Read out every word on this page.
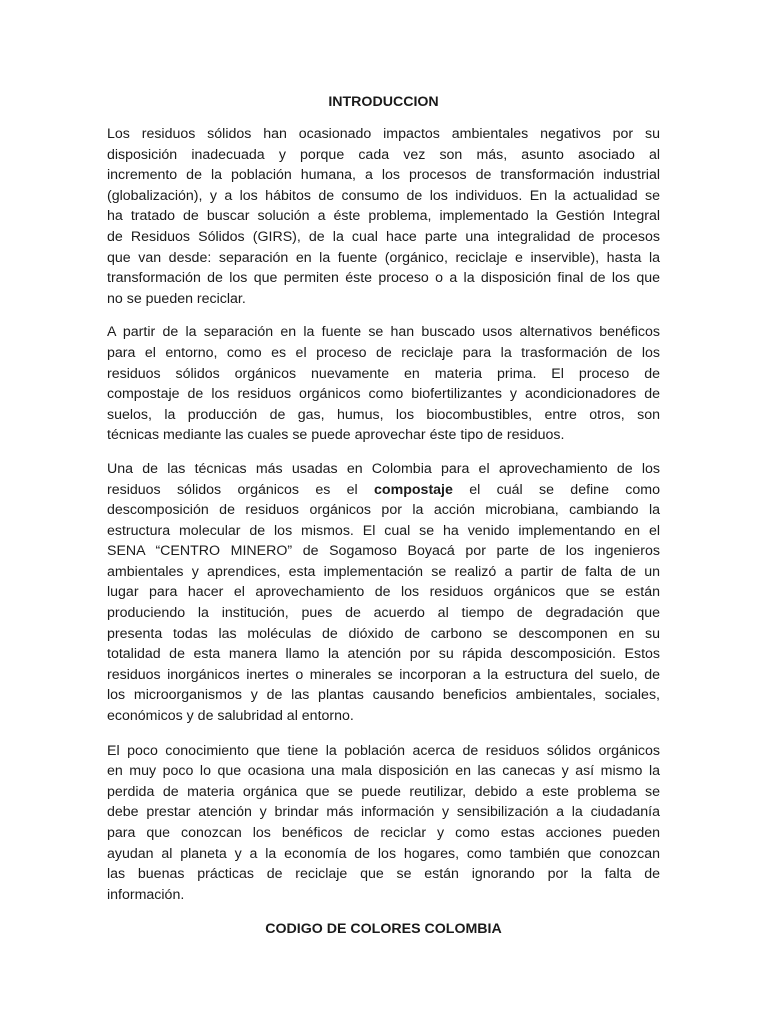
INTRODUCCION
Los residuos sólidos han ocasionado impactos ambientales negativos por su
disposición inadecuada y porque cada vez son más, asunto asociado al
incremento de la población humana, a los procesos de transformación industrial
(globalización), y a los hábitos de consumo de los individuos. En la actualidad se
ha tratado de buscar solución a éste problema, implementado la Gestión Integral
de Residuos Sólidos (GIRS), de la cual hace parte una integralidad de procesos
que van desde: separación en la fuente (orgánico, reciclaje e inservible), hasta la
transformación de los que permiten éste proceso o a la disposición final de los que
no se pueden reciclar.
A partir de la separación en la fuente se han buscado usos alternativos benéficos
para el entorno, como es el proceso de reciclaje para la trasformación de los
residuos sólidos orgánicos nuevamente en materia prima. El proceso de
compostaje de los residuos orgánicos como biofertilizantes y acondicionadores de
suelos, la producción de gas, humus, los biocombustibles, entre otros, son
técnicas mediante las cuales se puede aprovechar éste tipo de residuos.
Una de las técnicas más usadas en Colombia para el aprovechamiento de los
residuos sólidos orgánicos es el compostaje el cuál se define como
descomposición de residuos orgánicos por la acción microbiana, cambiando la
estructura molecular de los mismos. El cual se ha venido implementando en el
SENA “CENTRO MINERO” de Sogamoso Boyacá por parte de los ingenieros
ambientales y aprendices, esta implementación se realizó a partir de falta de un
lugar para hacer el aprovechamiento de los residuos orgánicos que se están
produciendo la institución, pues de acuerdo al tiempo de degradación que
presenta todas las moléculas de dióxido de carbono se descomponen en su
totalidad de esta manera llamo la atención por su rápida descomposición. Estos
residuos inorgánicos inertes o minerales se incorporan a la estructura del suelo, de
los microorganismos y de las plantas causando beneficios ambientales, sociales,
económicos y de salubridad al entorno.
El poco conocimiento que tiene la población acerca de residuos sólidos orgánicos
en muy poco lo que ocasiona una mala disposición en las canecas y así mismo la
perdida de materia orgánica que se puede reutilizar, debido a este problema se
debe prestar atención y brindar más información y sensibilización a la ciudadanía
para que conozcan los benéficos de reciclar y como estas acciones pueden
ayudan al planeta y a la economía de los hogares, como también que conozcan
las buenas prácticas de reciclaje que se están ignorando por la falta de
información.
CODIGO DE COLORES COLOMBIA
